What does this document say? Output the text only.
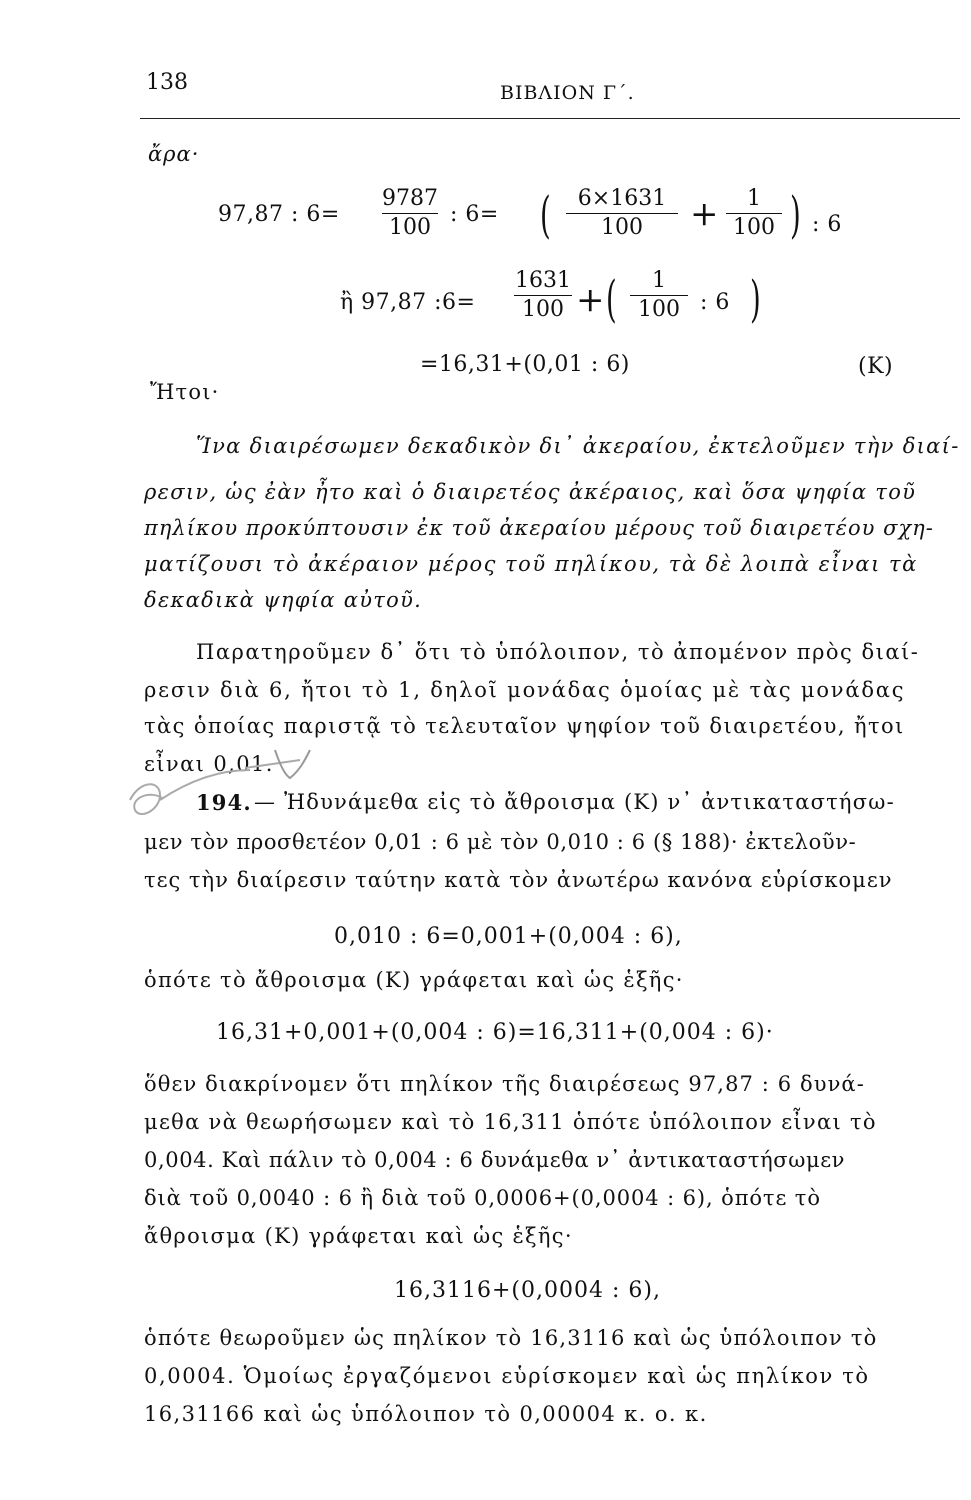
138	ΒΙΒΛΙΟΝ Γ΄.
ἄρα·
97,87 : 6=
9787
100
: 6= (	6×1631
100	+	1
100 ) : 6
ἢ 97,87 :6=
1631
100 + (	1
100 : 6 )
=16,31+(0,01 : 6)	(K)
Ἤτοι·
Ἵνα διαιρέσωμεν δεκαδικὸν δι᾿ ἀκεραίου, ἐκτελοῦμεν τὴν διαί-
ρεσιν, ὡς ἐὰν ἦτο καὶ ὁ διαιρετέος ἀκέραιος, καὶ ὅσα ψηφία τοῦ
πηλίκου προκύπτουσιν ἐκ τοῦ ἀκεραίου μέρους τοῦ διαιρετέου σχη-
ματίζουσι τὸ ἀκέραιον μέρος τοῦ πηλίκου, τὰ δὲ λοιπὰ εἶναι τὰ
δεκαδικὰ ψηφία αὐτοῦ.
Παρατηροῦμεν δ᾿ ὅτι τὸ ὑπόλοιπον, τὸ ἀπομένον πρὸς διαί-
ρεσιν διὰ 6, ἤτοι τὸ 1, δηλοῖ μονάδας ὁμοίας μὲ τὰς μονάδας
τὰς ὁποίας παριστᾷ τὸ τελευταῖον ψηφίον τοῦ διαιρετέου, ἤτοι
εἶναι 0,01.
194. — Ἠδυνάμεθα εἰς τὸ ἄθροισμα (Κ) ν᾿ ἀντικαταστήσω-
μεν τὸν προσθετέον 0,01 : 6 μὲ τὸν 0,010 : 6 (§ 188)· ἐκτελοῦν-
τες τὴν διαίρεσιν ταύτην κατὰ τὸν ἀνωτέρω κανόνα εὑρίσκομεν
0,010 : 6=0,001+(0,004 : 6),
ὁπότε τὸ ἄθροισμα (Κ) γράφεται καὶ ὡς ἑξῆς·
16,31+0,001+(0,004 : 6)=16,311+(0,004 : 6)·
ὅθεν διακρίνομεν ὅτι πηλίκον τῆς διαιρέσεως 97,87 : 6 δυνά-
μεθα νὰ θεωρήσωμεν καὶ τὸ 16,311 ὁπότε ὑπόλοιπον εἶναι τὸ
0,004. Καὶ πάλιν τὸ 0,004 : 6 δυνάμεθα ν᾿ ἀντικαταστήσωμεν
διὰ τοῦ 0,0040 : 6 ἢ διὰ τοῦ 0,0006+(0,0004 : 6), ὁπότε τὸ
ἄθροισμα (Κ) γράφεται καὶ ὡς ἑξῆς·
16,3116+(0,0004 : 6),
ὁπότε θεωροῦμεν ὡς πηλίκον τὸ 16,3116 καὶ ὡς ὑπόλοιπον τὸ
0,0004. Ὁμοίως ἐργαζόμενοι εὑρίσκομεν καὶ ὡς πηλίκον τὸ
16,31166 καὶ ὡς ὑπόλοιπον τὸ 0,00004 κ. ο. κ.
